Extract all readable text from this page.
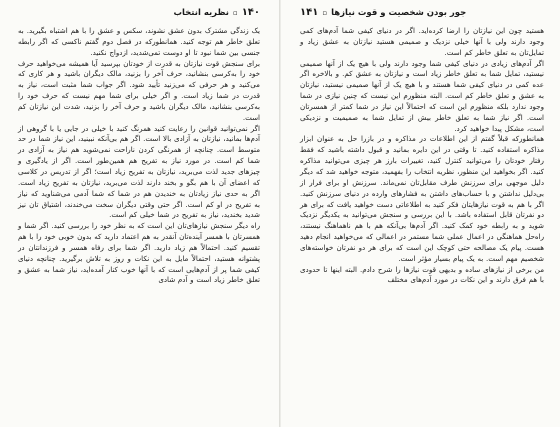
۱۴۰
▫
نظریه انتخاب

یک زندگی مشترک بدون عشق نشوند، سکس و عشق را با هم اشتباه بگیرید. به تعلق خاطر هم توجه کنید. همانطورکه در فصل دوم گفتم ناکسی که اگر رابطه جنسی بین شما نبود تا او دوست تمی‌شدید، ازدواج نکنید.

برای سنجش قوت نیازتان به قدرت از خودتان بپرسید آیا همیشه می‌خواهید حرف خود را به‌کرسی بنشانید، حرف آخر را بزنید، مالک دیگران باشید و هر کاری که می‌کنید و هر حرفی که می‌زنید تأیید شود. اگر جواب شما مثبت است، نیاز به قدرت در شما زیاد است. و اگر خیلی برای شما مهم نیست که حرف خود را به‌کرسی بنشانید، مالک دیگران باشید و حرف آخر را بزنید، شدت این نیازتان کم است.

اگر نمی‌توانید قوانین را رعایت کنید همرنگ کنید با خیلی در جایی یا با گروهی از آدم‌ها بمانید، نیازتان به آزادی بالا است. اگر هم بی‌آنکه نبینید، این نیاز شما در حد متوسط است. چنانچه از همرنگی کردن ناراحت نمی‌شوید هم نیاز به آزادی در شما کم است. در مورد نیاز به تفریح هم همین‌طور است. اگر از یادگیری و چیزهای جدید لذت می‌برید، نیازتان به تفریح زیاد است؛ اگر از تدریس در کلاسی که اعضای آن با هم بگو و بخند دارند لذت می‌برید، نیازتان به تفریح زیاد است. اگر به حدی نیاز زیادتان به خندیدن هم در شما که شما آدمی می‌شناوید که نیاز به تفریح در او کم است. اگر حتی وقتی دیگران سخت می‌خندند، اشتیاق تان نیز شدید بخندید، نیاز به تفریح در شما خیلی کم است.

راه دیگر سنجش نیازهای‌تان این است که به نظر خود را بررسی کنید. اگر شما و همسرتان با همسر آینده‌تان آنقدر به هم اعتماد دارید که بدون خوبی خود را با هم تقسیم کنید. احتمالاً هم زیاد دارید. اگر شما برای رفاه همسر و فرزندانتان در پشتوانه هستید، احتمالاً مایل به این نکات و روز به تلاش برگیرید. چنانچه دنیای کیفی شما پر از آدم‌هایی است که با آنها خوب کنار آمده‌اید، نیاز شما به عشق و تعلق خاطر زیاد است و آدم شادی

جور بودن شخصیت و قوت نیازها
▫
۱۴۱

هستید چون این نیازتان را ارضا کرده‌اید. اگر در دنیای کیفی شما آدم‌های کمی وجود دارند ولی با آنها خیلی نزدیک و صمیمی هستید نیاز‌تان به عشق زیاد و تمایل‌تان به تعلق خاطر کم است.

اگر آدم‌های زیادی در دنیای کیفی شما وجود دارند ولی با هیچ یک از آنها صمیمی نیستید، تمایل شما به تعلق خاطر زیاد است و نیازتان به عشق کم. و بالاخره اگر عده کمی در دنیای کیفی شما هستند و با هیچ یک از آنها صمیمی نیستید، نیازتان به عشق و تعلق خاطر کم است. البته منظورم این نیست که چنین نیازی در شما وجود ندارد بلکه منظورم این است که احتمالاً این نیاز در شما کمتر از همسرتان است. اگر نیاز شما به تعلق خاطر بیش از تمایل شما به صمیمیت و نزدیکی است، مشکل پیدا خواهید کرد.

همانطورکه قبلاً گفتم از این اطلاعات در مذاکره و در بازرا حل به عنوان ابزار مذاکره استفاده کنید. تا وقتی در این دایره بمانید و قبول داشته باشید که فقط رفتار خودتان را می‌توانید کنترل کنید، تغییرات بارز هر چیزی می‌توانید مذاکره کنید. اگر بخواهید این منظور، نظریه انتخاب را بفهمید، متوجه خواهید شد که دیگر دلیل موجهی برای سرزنش طرف مقابل‌تان نمی‌ماند. سرزنش او برای فرار از بی‌دلیل نداشتن و با حساب‌های داشتن به فشارهای وارده در دنیای سرزنش کنید. اگر با هم به قوت نیازهایتان فکر کنید به اطلاعاتی دست خواهید یافت که برای هر دو نفرتان قابل استفاده باشد. با این بررسی و سنجش می‌توانید به یکدیگر نزدیک شوید و به رابطه خود کمک کنید. اگر آدم‌ها بی‌آنکه هم با هم ناهماهنگ نیستند، راه‌حل هماهنگی در اعمال عملی شما مستمر در اعمالی که می‌خواهید انجام دهید هست. پیام یک مصالحه حتی کوچک این است که برای هر دو نفرتان خواسته‌های شخصیم مهم است. به یک پیام بسیار مؤثر است.

من برخی از نیازهای ساده و بدیهی قوت نیازها را شرح دادم. البته اینها تا حدودی با هم فرق دارند و این نکات در مورد آدم‌های مختلف
